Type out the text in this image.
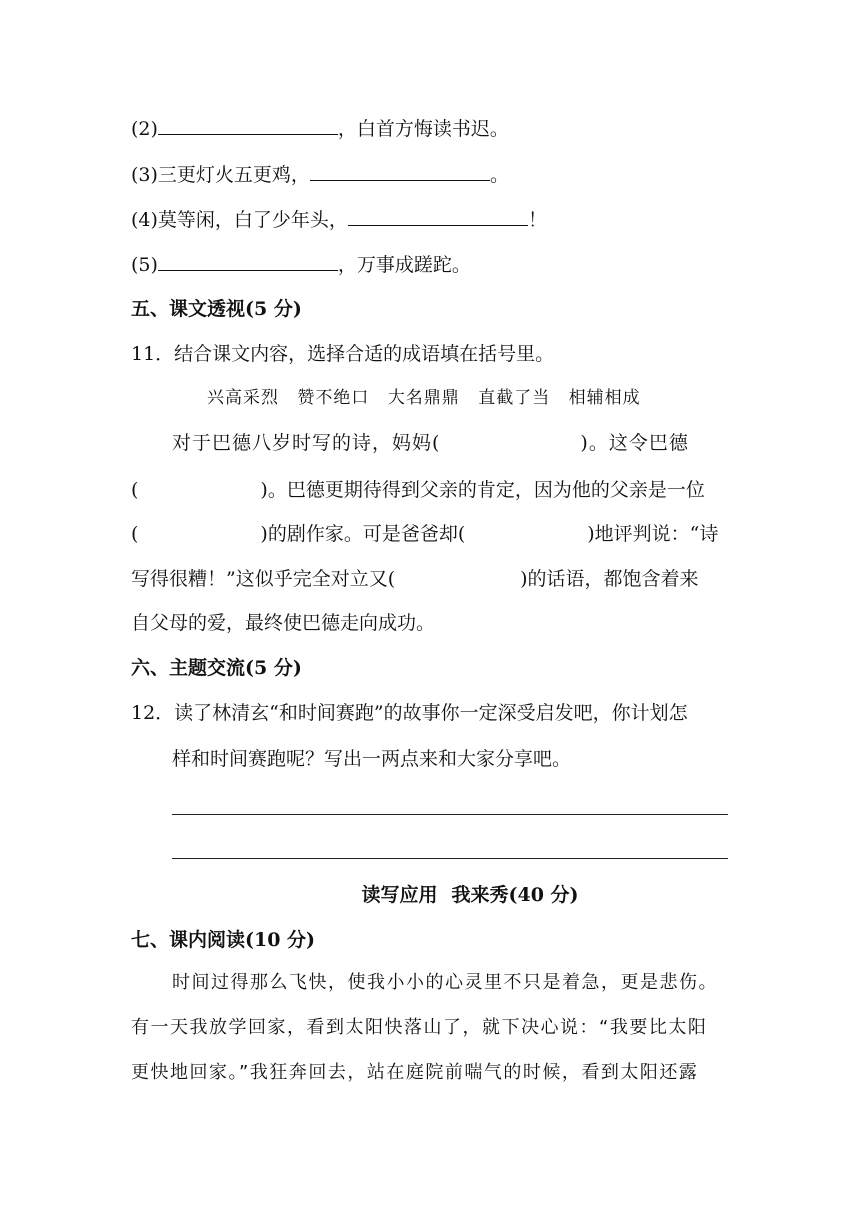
(2)	，白首方悔读书迟。
(3)三更灯火五更鸡，	。
(4)莫等闲，白了少年头，	！
(5)	，万事成蹉跎。
五、课文透视(5 分)
11．结合课文内容，选择合适的成语填在括号里。
兴高采烈 赞不绝口 大名鼎鼎 直截了当 相辅相成
对于巴德八岁时写的诗，妈妈(	)。这令巴德
(	)。巴德更期待得到父亲的肯定，因为他的父亲是一位
(	)的剧作家。可是爸爸却(	)地评判说：“诗
写得很糟！”这似乎完全对立又(	)的话语，都饱含着来
自父母的爱，最终使巴德走向成功。
六、主题交流(5 分)
12．读了林清玄“和时间赛跑”的故事你一定深受启发吧，你计划怎
样和时间赛跑呢？写出一两点来和大家分享吧。
读写应用 我来秀(40 分)
七、课内阅读(10 分)
时间过得那么飞快，使我小小的心灵里不只是着急，更是悲伤。
有一天我放学回家，看到太阳快落山了，就下决心说：“我要比太阳
更快地回家。”我狂奔回去，站在庭院前喘气的时候，看到太阳还露
